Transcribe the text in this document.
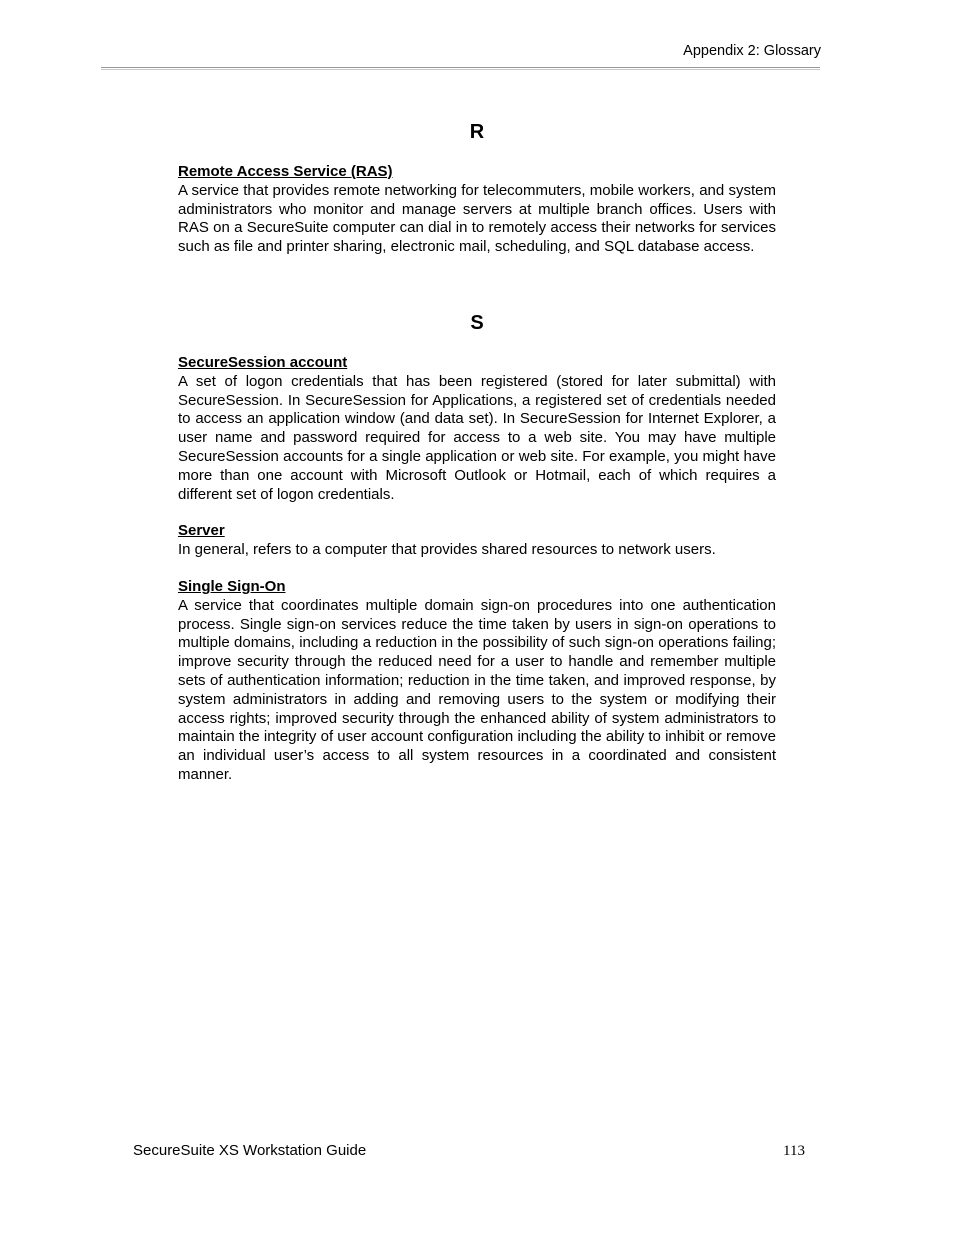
Appendix 2: Glossary
R
Remote Access Service (RAS)

A service that provides remote networking for telecommuters, mobile workers, and system administrators who monitor and manage servers at multiple branch offices. Users with RAS on a SecureSuite computer can dial in to remotely access their networks for services such as file and printer sharing, electronic mail, scheduling, and SQL database access.

S
SecureSession account

A set of logon credentials that has been registered (stored for later submittal) with SecureSession. In SecureSession for Applications, a registered set of credentials needed to access an application window (and data set). In SecureSession for Internet Explorer, a user name and password required for access to a web site. You may have multiple SecureSession accounts for a single application or web site. For example, you might have more than one account with Microsoft Outlook or Hotmail, each of which requires a different set of logon credentials.

Server

In general, refers to a computer that provides shared resources to network users.

Single Sign-On

A service that coordinates multiple domain sign-on procedures into one authentication process. Single sign-on services reduce the time taken by users in sign-on operations to multiple domains, including a reduction in the possibility of such sign-on operations failing; improve security through the reduced need for a user to handle and remember multiple sets of authentication information; reduction in the time taken, and improved response, by system administrators in adding and removing users to the system or modifying their access rights; improved security through the enhanced ability of system administrators to maintain the integrity of user account configuration including the ability to inhibit or remove an individual user’s access to all system resources in a coordinated and consistent manner.

SecureSuite XS Workstation Guide	113
